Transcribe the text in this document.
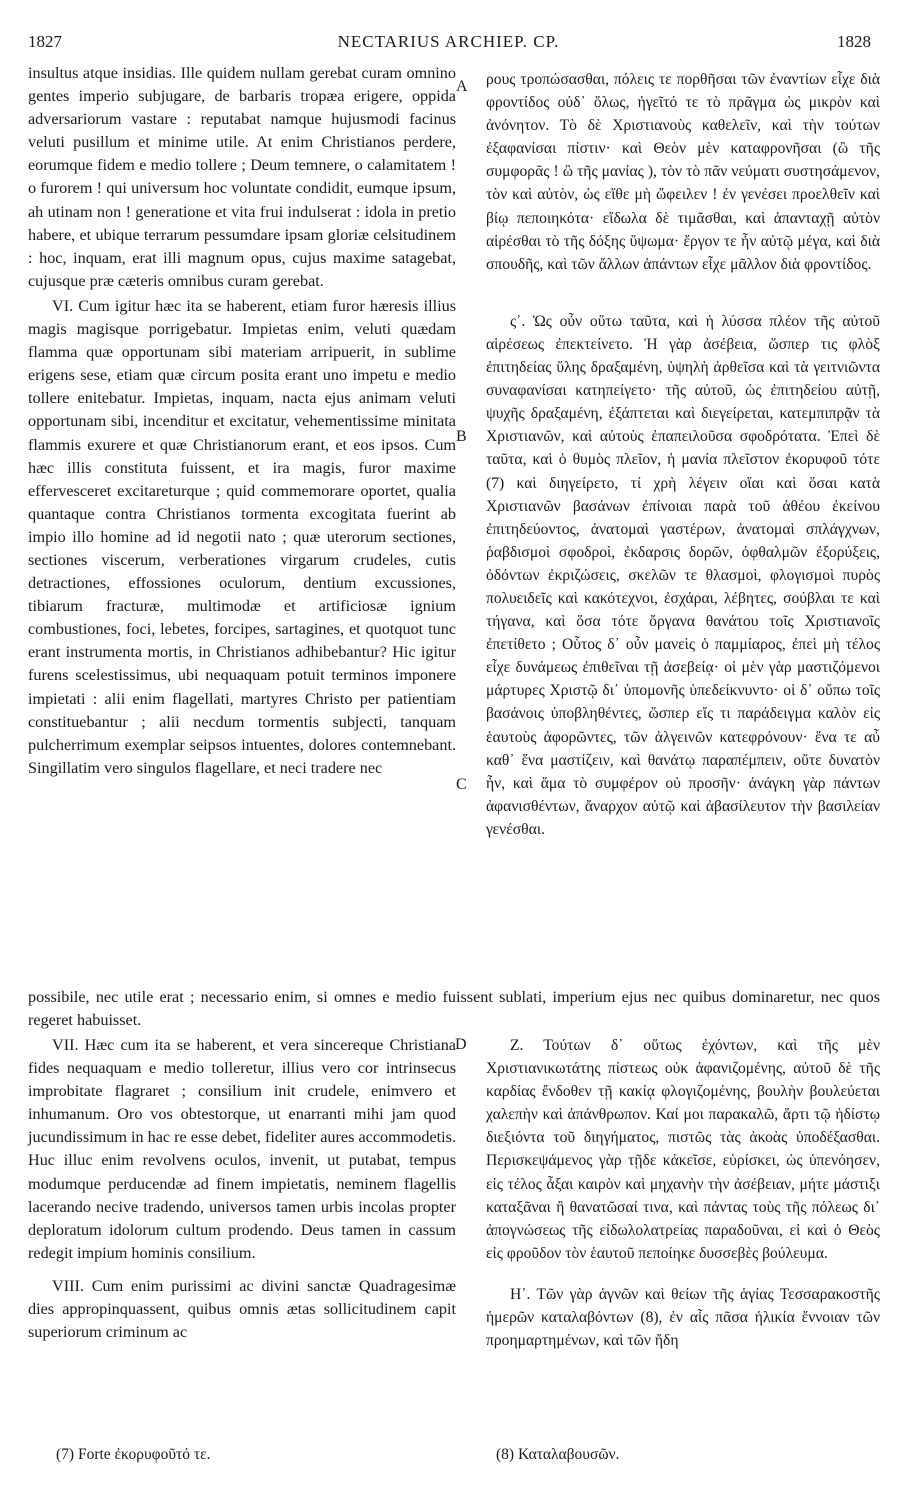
1827	NECTARIUS ARCHIEP. CP.	1828

insultus atque insidias. Ille quidem nullam gerebat curam omnino gentes imperio subjugare, de barbaris tropæa erigere, oppida adversariorum vastare : reputabat namque hujusmodi facinus veluti pusillum et minime utile. At enim Christianos perdere, eorumque fidem e medio tollere ; Deum temnere, o calamitatem ! o furorem ! qui universum hoc voluntate condidit, eumque ipsum, ah utinam non ! generatione et vita frui indulserat : idola in pretio habere, et ubique terrarum pessumdare ipsam gloriæ celsitudinem : hoc, inquam, erat illi magnum opus, cujus maxime satagebat, cujusque præ cæteris omnibus curam gerebat.

VI. Cum igitur hæc ita se haberent, etiam furor hæresis illius magis magisque porrigebatur. Impietas enim, veluti quædam flamma quæ opportunam sibi materiam arripuerit, in sublime erigens sese, etiam quæ circum posita erant uno impetu e medio tollere enitebatur. Impietas, inquam, nacta ejus animam veluti opportunam sibi, incenditur et excitatur, vehementissime minitata flammis exurere et quæ Christianorum erant, et eos ipsos. Cum hæc illis constituta fuissent, et ira magis, furor maxime effervesceret excitareturque ; quid commemorare oportet, qualia quantaque contra Christianos tormenta excogitata fuerint ab impio illo homine ad id negotii nato ; quæ uterorum sectiones, sectiones viscerum, verberationes virgarum crudeles, cutis detractiones, effossiones oculorum, dentium excussiones, tibiarum fracturæ, multimodæ et artificiosæ ignium combustiones, foci, lebetes, forcipes, sartagines, et quotquot tunc erant instrumenta mortis, in Christianos adhibebantur? Hic igitur furens scelestissimus, ubi nequaquam potuit terminos imponere impietati : alii enim flagellati, martyres Christo per patientiam constituebantur ; alii necdum tormentis subjecti, tanquam pulcherrimum exemplar seipsos intuentes, dolores contemnebant. Singillatim vero singulos flagellare, et neci tradere nec

ρους τροπώσασθαι, πόλεις τε πορθῆσαι τῶν ἐναντίων εἶχε διὰ φροντίδος οὐδ᾽ ὅλως, ἡγεῖτό τε τὸ πρᾶγμα ὡς μικρὸν καὶ ἀνόνητον. Τὸ δὲ Χριστιανοὺς καθελεῖν, καὶ τὴν τούτων ἐξαφανίσαι πίστιν· καὶ Θεὸν μὲν καταφρονῆσαι (ὢ τῆς συμφορᾶς ! ὢ τῆς μανίας ), τὸν τὸ πᾶν νεύματι συστησάμενον, τὸν καὶ αὐτὸν, ὡς εἴθε μὴ ὤφειλεν ! ἐν γενέσει προελθεῖν καὶ βίῳ πεποιηκότα· εἴδωλα δὲ τιμᾶσθαι, καὶ ἁπανταχῇ αὐτὸν αἱρέσθαι τὸ τῆς δόξης ὕψωμα· ἔργον τε ἦν αὐτῷ μέγα, καὶ διὰ σπουδῆς, καὶ τῶν ἄλλων ἁπάντων εἶχε μᾶλλον διὰ φροντίδος.

ς᾽. Ὡς οὖν οὕτω ταῦτα, καὶ ἡ λύσσα πλέον τῆς αὐτοῦ αἱρέσεως ἐπεκτείνετο. Ἡ γὰρ ἀσέβεια, ὥσπερ τις φλὸξ ἐπιτηδείας ὕλης δραξαμένη, ὑψηλὴ ἀρθεῖσα καὶ τὰ γειτνιῶντα συναφανίσαι κατηπείγετο· τῆς αὐτοῦ, ὡς ἐπιτηδείου αὐτῇ, ψυχῆς δραξαμένη, ἐξάπτεται καὶ διεγείρεται, κατεμπιπρᾷν τὰ Χριστιανῶν, καὶ αὐτοὺς ἐπαπειλοῦσα σφοδρότατα. Ἐπεὶ δὲ ταῦτα, καὶ ὁ θυμὸς πλεῖον, ἡ μανία πλεῖστον ἐκορυφοῦ τότε (7) καὶ διηγείρετο, τί χρὴ λέγειν οἵαι καὶ ὅσαι κατὰ Χριστιανῶν βασάνων ἐπίνοιαι παρὰ τοῦ ἀθέου ἐκείνου ἐπιτηδεύοντος, ἀνατομαὶ γαστέρων, ἀνατομαὶ σπλάγχνων, ῥαβδισμοὶ σφοδροὶ, ἐκδαρσις δορῶν, ὀφθαλμῶν ἐξορύξεις, ὀδόντων ἐκριζώσεις, σκελῶν τε θλασμοὶ, φλογισμοὶ πυρὸς πολυειδεῖς καὶ κακότεχνοι, ἐσχάραι, λέβητες, σούβλαι τε καὶ τήγανα, καὶ ὅσα τότε ὄργανα θανάτου τοῖς Χριστιανοῖς ἐπετίθετο ; Οὗτος δ᾽ οὖν μανεὶς ὁ παμμίαρος, ἐπεὶ μὴ τέλος εἶχε δυνάμεως ἐπιθεῖναι τῇ ἀσεβείᾳ· οἱ μὲν γὰρ μαστιζόμενοι μάρτυρες Χριστῷ δι᾽ ὑπομονῆς ὑπεδείκνυντο· οἱ δ᾽ οὔπω τοῖς βασάνοις ὑποβληθέντες, ὥσπερ εἴς τι παράδειγμα καλὸν εἰς ἑαυτοὺς ἀφορῶντες, τῶν ἀλγεινῶν κατεφρόνουν· ἕνα τε αὖ καθ᾽ ἕνα μαστίζειν, καὶ θανάτῳ παραπέμπειν, οὔτε δυνατὸν ἦν, καὶ ἅμα τὸ συμφέρον οὐ προσῆν· ἀνάγκη γὰρ πάντων ἀφανισθέντων, ἄναρχον αὐτῷ καὶ ἀβασίλευτον τὴν βασιλείαν γενέσθαι.

possibile, nec utile erat ; necessario enim, si omnes e medio fuissent sublati, imperium ejus nec quibus dominaretur, nec quos regeret habuisset.

VII. Hæc cum ita se haberent, et vera sincereque Christiana fides nequaquam e medio tolleretur, illius vero cor intrinsecus improbitate flagraret ; consilium init crudele, enimvero et inhumanum. Oro vos obtestorque, ut enarranti mihi jam quod jucundissimum in hac re esse debet, fideliter aures accommodetis. Huc illuc enim revolvens oculos, invenit, ut putabat, tempus modumque perducendæ ad finem impietatis, neminem flagellis lacerando necive tradendo, universos tamen urbis incolas propter deploratum idolorum cultum prodendo. Deus tamen in cassum redegit impium hominis consilium.

VIII. Cum enim purissimi ac divini sanctæ Quadragesimæ dies appropinquassent, quibus omnis ætas sollicitudinem capit superiorum criminum ac

Ζ. Τούτων δ᾽ οὕτως ἐχόντων, καὶ τῆς μὲν Χριστιανικωτάτης πίστεως οὐκ ἀφανιζομένης, αὐτοῦ δὲ τῆς καρδίας ἔνδοθεν τῇ κακίᾳ φλογιζομένης, βουλὴν βουλεύεται χαλεπὴν καὶ ἀπάνθρωπον. Καί μοι παρακαλῶ, ἄρτι τῷ ἡδίστῳ διεξιόντα τοῦ διηγήματος, πιστῶς τὰς ἀκοὰς ὑποδέξασθαι. Περισκεψάμενος γὰρ τῇδε κἀκεῖσε, εὑρίσκει, ὡς ὑπενόησεν, εἰς τέλος ἆξαι καιρὸν καὶ μηχανὴν τὴν ἀσέβειαν, μήτε μάστιξι καταξᾶναι ἢ θανατῶσαί τινα, καὶ πάντας τοὺς τῆς πόλεως δι᾽ ἀπογνώσεως τῆς εἰδωλολατρείας παραδοῦναι, εἰ καὶ ὁ Θεὸς εἰς φροῦδον τὸν ἑαυτοῦ πεποίηκε δυσσεβὲς βούλευμα.

Η᾽. Τῶν γὰρ ἁγνῶν καὶ θείων τῆς ἁγίας Τεσσαρακοστῆς ἡμερῶν καταλαβόντων (8), ἐν αἷς πᾶσα ἡλικία ἔννοιαν τῶν προημαρτημένων, καὶ τῶν ἤδη

A
B
C
D
(7) Forte ἐκορυφοῦτό τε.	(8) Καταλαβουσῶν.
